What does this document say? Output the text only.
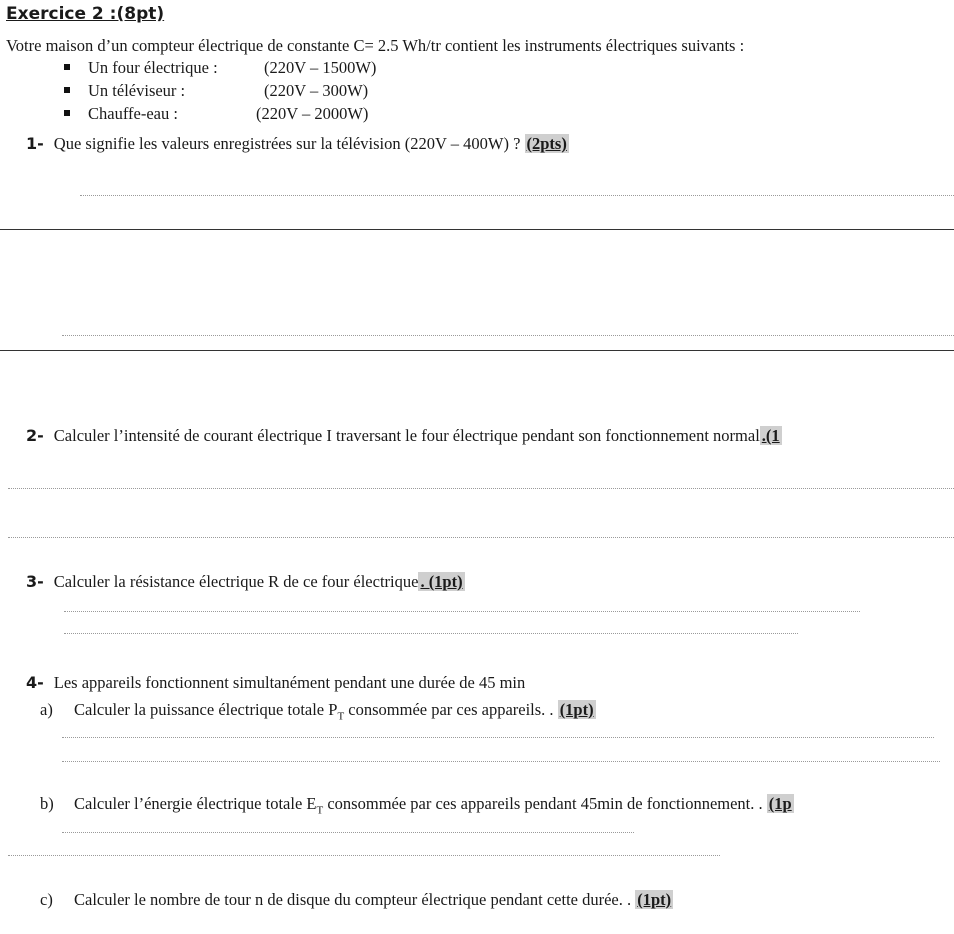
Exercice 2 :(8pt)
Votre maison d’un compteur électrique de constante C= 2.5 Wh/tr contient les instruments électriques suivants :
Un four électrique :	(220V – 1500W)
Un téléviseur :	(220V – 300W)
Chauffe-eau :	(220V – 2000W)
1- Que signifie les valeurs enregistrées sur la télévision (220V – 400W) ? (2pts)
2- Calculer l’intensité de courant électrique I traversant le four électrique pendant son fonctionnement normal .(1
3- Calculer la résistance électrique R de ce four électrique . (1pt)
4- Les appareils fonctionnent simultanément pendant une durée de 45 min
a) Calculer la puissance électrique totale $P_T$ consommée par ces appareils. . (1pt)
b) Calculer l’énergie électrique totale $E_T$ consommée par ces appareils pendant 45min de fonctionnement. . (1p
c) Calculer le nombre de tour n de disque du compteur électrique pendant cette durée. . (1pt)
